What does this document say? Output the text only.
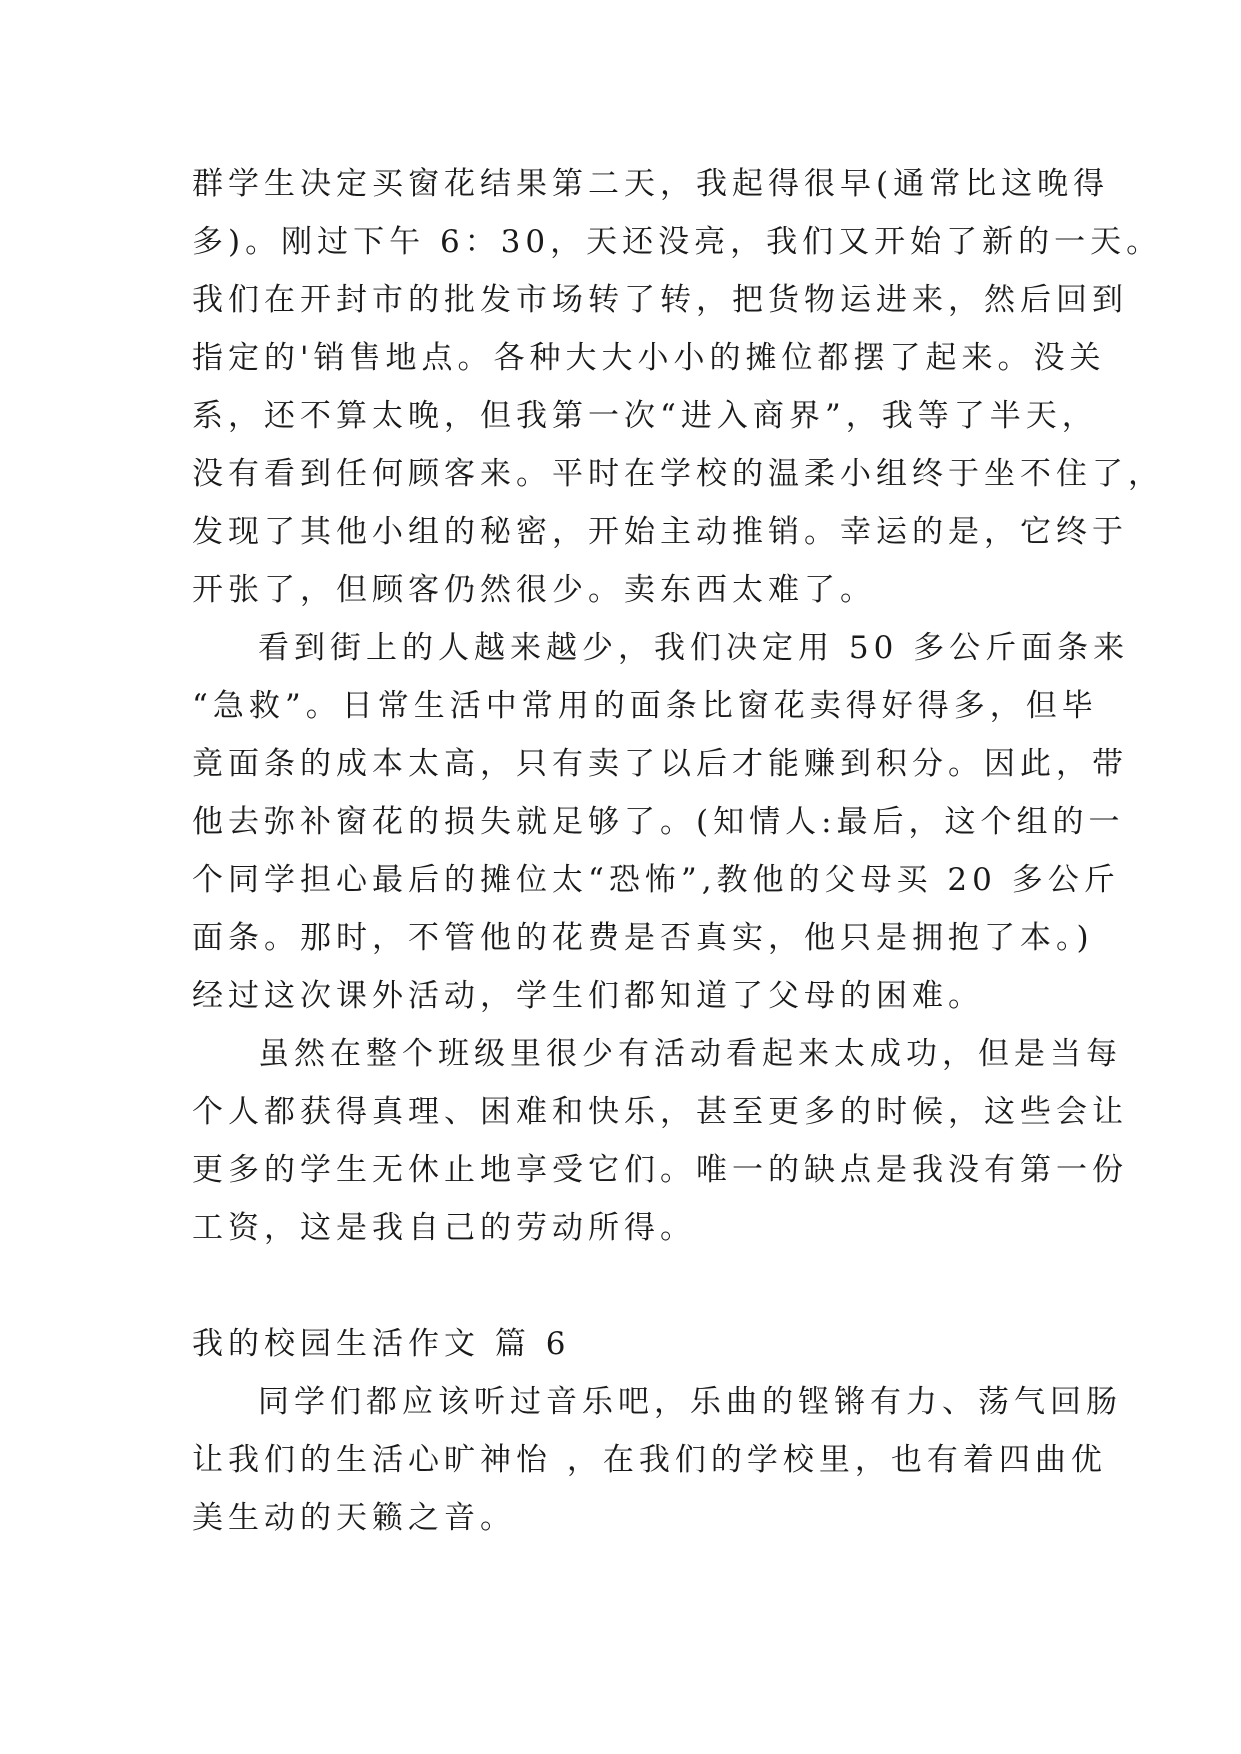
群学生决定买窗花结果第二天，我起得很早(通常比这晚得
多)。刚过下午 6：30，天还没亮，我们又开始了新的一天。
我们在开封市的批发市场转了转，把货物运进来，然后回到
指定的'销售地点。各种大大小小的摊位都摆了起来。没关
系，还不算太晚，但我第一次“进入商界”，我等了半天，
没有看到任何顾客来。平时在学校的温柔小组终于坐不住了，
发现了其他小组的秘密，开始主动推销。幸运的是，它终于
开张了，但顾客仍然很少。卖东西太难了。
看到街上的人越来越少，我们决定用 50 多公斤面条来
“急救”。日常生活中常用的面条比窗花卖得好得多，但毕
竟面条的成本太高，只有卖了以后才能赚到积分。因此，带
他去弥补窗花的损失就足够了。(知情人:最后，这个组的一
个同学担心最后的摊位太“恐怖”,教他的父母买 20 多公斤
面条。那时，不管他的花费是否真实，他只是拥抱了本。)
经过这次课外活动，学生们都知道了父母的困难。
虽然在整个班级里很少有活动看起来太成功，但是当每
个人都获得真理、困难和快乐，甚至更多的时候，这些会让
更多的学生无休止地享受它们。唯一的缺点是我没有第一份
工资，这是我自己的劳动所得。
我的校园生活作文 篇 6
同学们都应该听过音乐吧，乐曲的铿锵有力、荡气回肠
让我们的生活心旷神怡 ，在我们的学校里，也有着四曲优
美生动的天籁之音。
